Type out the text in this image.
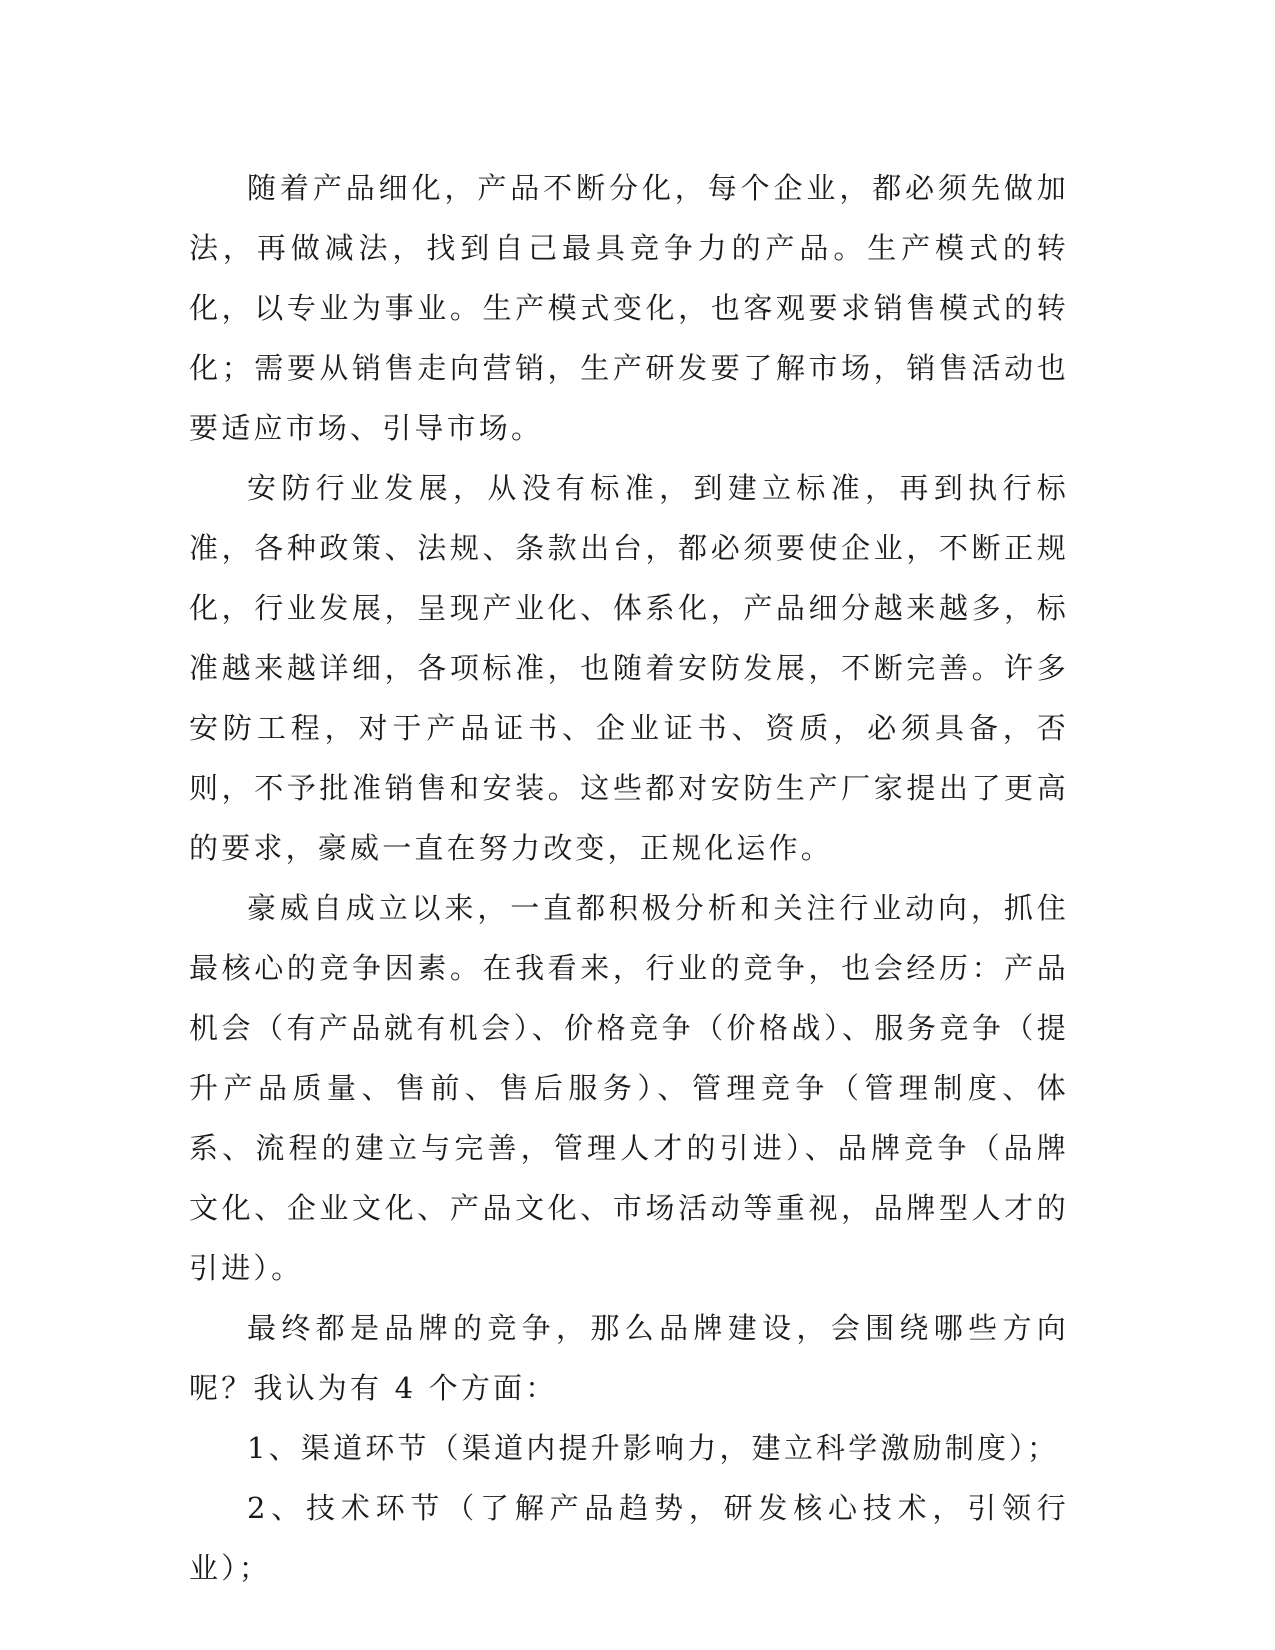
随着产品细化，产品不断分化，每个企业，都必须先做加法，再做减法，找到自己最具竞争力的产品。生产模式的转化，以专业为事业。生产模式变化，也客观要求销售模式的转化；需要从销售走向营销，生产研发要了解市场，销售活动也要适应市场、引导市场。

安防行业发展，从没有标准，到建立标准，再到执行标准，各种政策、法规、条款出台，都必须要使企业，不断正规化，行业发展，呈现产业化、体系化，产品细分越来越多，标准越来越详细，各项标准，也随着安防发展，不断完善。许多安防工程，对于产品证书、企业证书、资质，必须具备，否则，不予批准销售和安装。这些都对安防生产厂家提出了更高的要求，豪威一直在努力改变，正规化运作。

豪威自成立以来，一直都积极分析和关注行业动向，抓住最核心的竞争因素。在我看来，行业的竞争，也会经历：产品机会（有产品就有机会）、价格竞争（价格战）、服务竞争（提升产品质量、售前、售后服务）、管理竞争（管理制度、体系、流程的建立与完善，管理人才的引进）、品牌竞争（品牌文化、企业文化、产品文化、市场活动等重视，品牌型人才的引进）。

最终都是品牌的竞争，那么品牌建设，会围绕哪些方向呢？我认为有 4 个方面：

1、渠道环节（渠道内提升影响力，建立科学激励制度）；

2、技术环节（了解产品趋势，研发核心技术，引领行业）；
